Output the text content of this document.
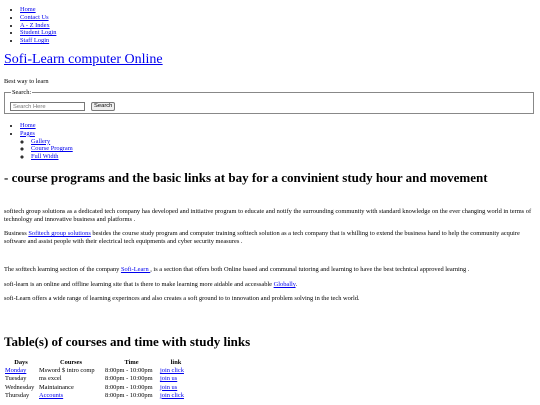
• Home
• Contact Us
• A - Z Index
• Student Login
• Staff Login
Sofi-Learn computer Online

Best way to learn

Search:
Search Here
Search
• Home
• Pages
◦ Gallery
◦ Course Program
◦ Full Width
- course programs and the basic links at bay for a convinient study hour and movement

sofitech group solutions as a dedicated tech company has developed and initiative program to educate and notify the surrounding community with standard knowledge on the ever changing world in terms of technology and innovative business and platforms .

Business Sofitech group solutions besides the course study program and computer training softtech solution as a tech company that is whilling to extend the business hand to help the community acquire software and assist people with their electrical tech equipments and cyber security measures .

The softtech learning section of the company Sofi-Learn , is a section that offers both Online based and communal tutoring and learning to have the best technical approved learning .

sofi-learn is an online and offline learning site that is there to make learning more aidable and accessable Globally.

sofi-Learn offers a wide range of learning experinces and also creates a soft ground to to innovation and problem solving in the tech world.

Table(s) of courses and time with study links
Days	Courses	Time	link
Monday	Msword $ intro comp	8:00pm - 10:00pm	join click
Tuesday	ms excel	8:00pm - 10:00pm	join us
Wednesday	Maintainance	8:00pm - 10:00pm	join us
Thursday	Accounts	8:00pm - 10:00pm	join click
